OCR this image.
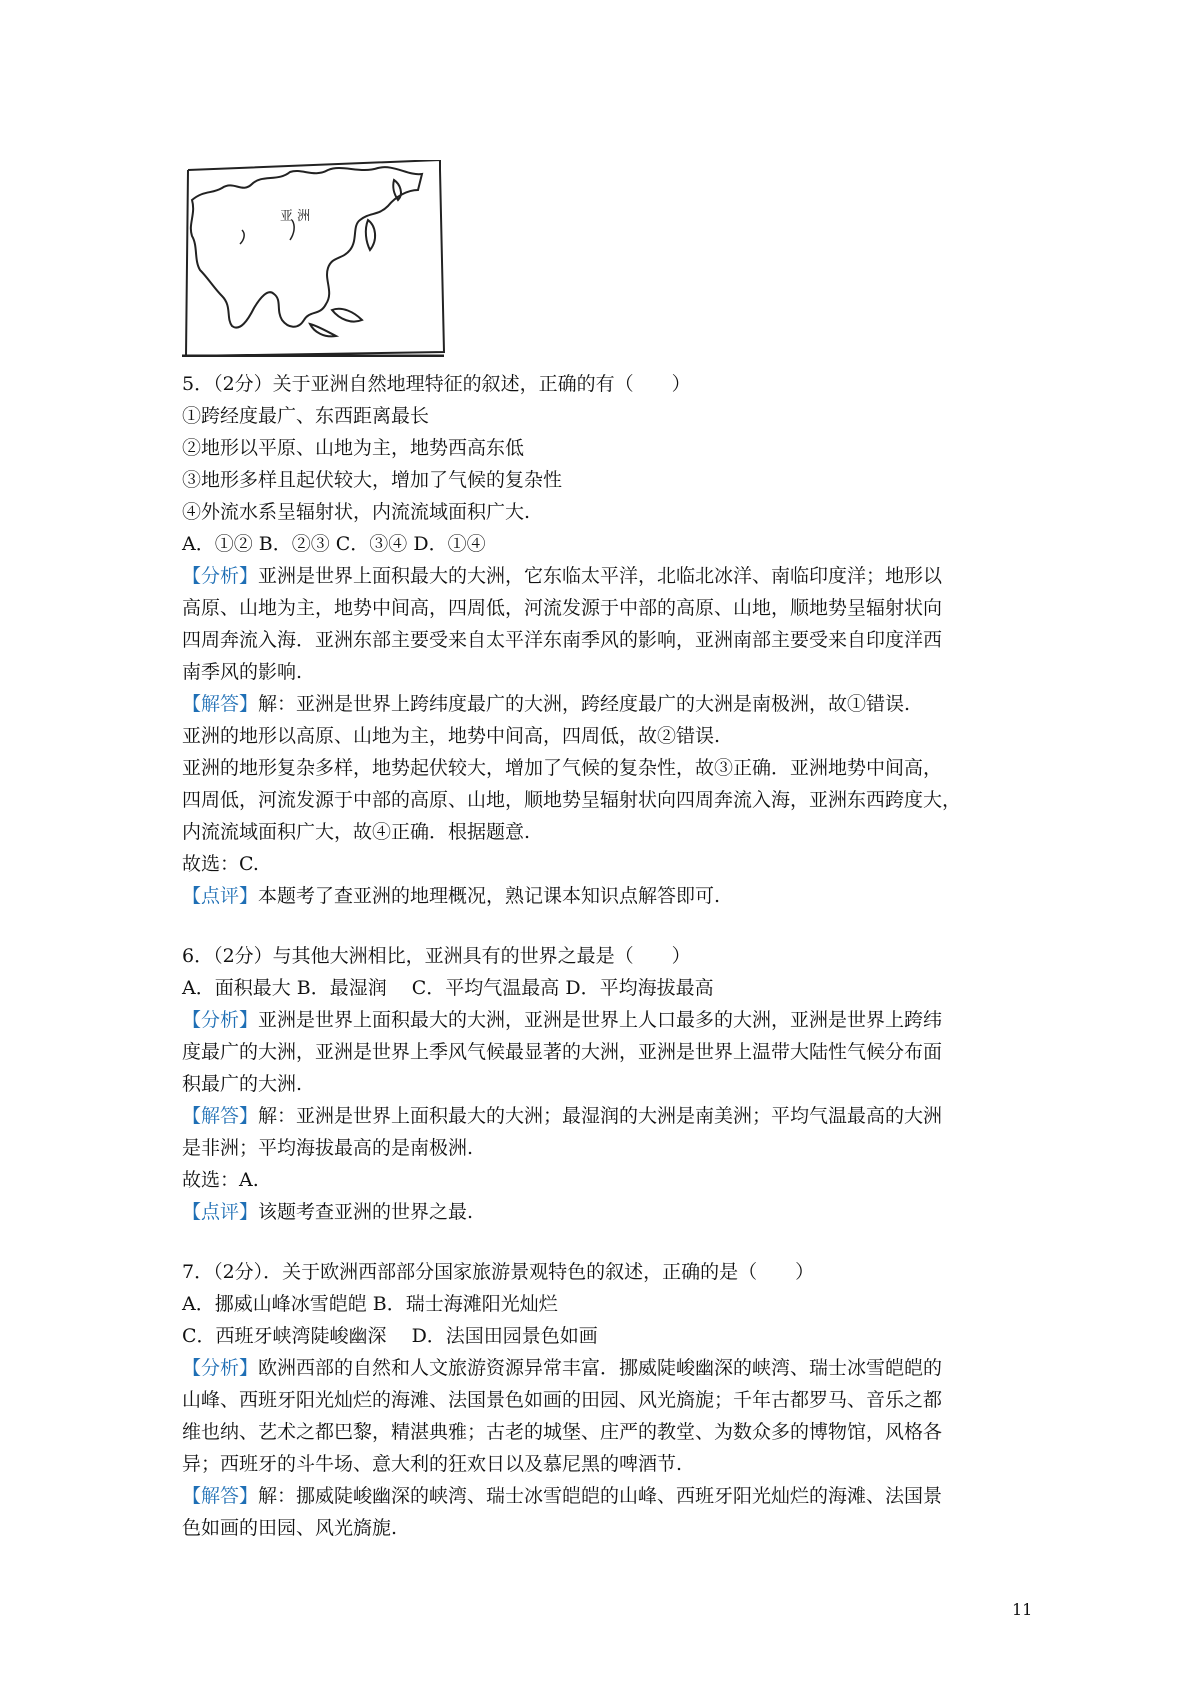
亚 洲
5．（2分）关于亚洲自然地理特征的叙述，正确的有（　　）
①跨经度最广、东西距离最长
②地形以平原、山地为主，地势西高东低
③地形多样且起伏较大，增加了气候的复杂性
④外流水系呈辐射状，内流流域面积广大.
A．①② B．②③ C．③④ D．①④
【分析】亚洲是世界上面积最大的大洲，它东临太平洋，北临北冰洋、南临印度洋；地形以
高原、山地为主，地势中间高，四周低，河流发源于中部的高原、山地，顺地势呈辐射状向
四周奔流入海．亚洲东部主要受来自太平洋东南季风的影响，亚洲南部主要受来自印度洋西
南季风的影响.
【解答】解：亚洲是世界上跨纬度最广的大洲，跨经度最广的大洲是南极洲，故①错误.
亚洲的地形以高原、山地为主，地势中间高，四周低，故②错误.
亚洲的地形复杂多样，地势起伏较大，增加了气候的复杂性，故③正确．亚洲地势中间高，
四周低，河流发源于中部的高原、山地，顺地势呈辐射状向四周奔流入海，亚洲东西跨度大，
内流流域面积广大，故④正确．根据题意.
故选：C.
【点评】本题考了查亚洲的地理概况，熟记课本知识点解答即可.
6．（2分）与其他大洲相比，亚洲具有的世界之最是（　　）
A．面积最大 B．最湿润　 C．平均气温最高 D．平均海拔最高
【分析】亚洲是世界上面积最大的大洲，亚洲是世界上人口最多的大洲，亚洲是世界上跨纬
度最广的大洲，亚洲是世界上季风气候最显著的大洲，亚洲是世界上温带大陆性气候分布面
积最广的大洲.
【解答】解：亚洲是世界上面积最大的大洲；最湿润的大洲是南美洲；平均气温最高的大洲
是非洲；平均海拔最高的是南极洲.
故选：A.
【点评】该题考查亚洲的世界之最.
7．（2分）．关于欧洲西部部分国家旅游景观特色的叙述，正确的是（　　）
A．挪威山峰冰雪皑皑 B．瑞士海滩阳光灿烂
C．西班牙峡湾陡峻幽深　 D．法国田园景色如画
【分析】欧洲西部的自然和人文旅游资源异常丰富．挪威陡峻幽深的峡湾、瑞士冰雪皑皑的
山峰、西班牙阳光灿烂的海滩、法国景色如画的田园、风光旖旎；千年古都罗马、音乐之都
维也纳、艺术之都巴黎，精湛典雅；古老的城堡、庄严的教堂、为数众多的博物馆，风格各
异；西班牙的斗牛场、意大利的狂欢日以及慕尼黑的啤酒节.
【解答】解：挪威陡峻幽深的峡湾、瑞士冰雪皑皑的山峰、西班牙阳光灿烂的海滩、法国景
色如画的田园、风光旖旎.
11
